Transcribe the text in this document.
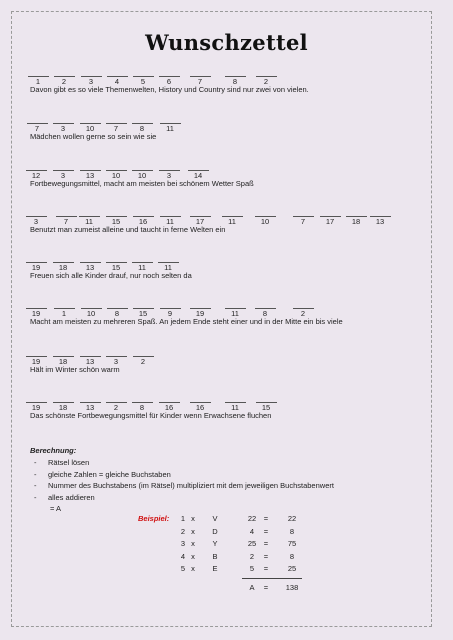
Wunschzettel
1	2	3	4	5	6	7	8	2
Davon gibt es so viele Themenwelten, History und Country sind nur zwei von vielen.
7	3	10	7	8	11
Mädchen wollen gerne so sein wie sie
12	3	13	10	10	3	14
Fortbewegungsmittel, macht am meisten bei schönem Wetter Spaß
3	7	11	15	16	11	17	11	10	7	17	18	13
Benutzt man zumeist alleine und taucht in ferne Welten ein
19	18	13	15	11	11
Freuen sich alle Kinder drauf, nur noch selten da
19	1	10	8	15	9	19	11	8	2
Macht am meisten zu mehreren Spaß. An jedem Ende steht einer und in der Mitte ein bis viele
19	18	13	3	2
Hält im Winter schön warm
19	18	13	2	8	16	16	11	15
Das schönste Fortbewegungsmittel für Kinder wenn Erwachsene fluchen
Berechnung:
- Rätsel lösen
- gleiche Zahlen = gleiche Buchstaben
- Nummer des Buchstabens (im Rätsel) multipliziert mit dem jeweiligen Buchstabenwert
- alles addieren
= A
Beispiel:	1 x	V	22	=	22
2 x	D	4	=	8
3 x	Y	25	=	75
4 x	B	2	=	8
5 x	E	5	=	25
A	=	138
